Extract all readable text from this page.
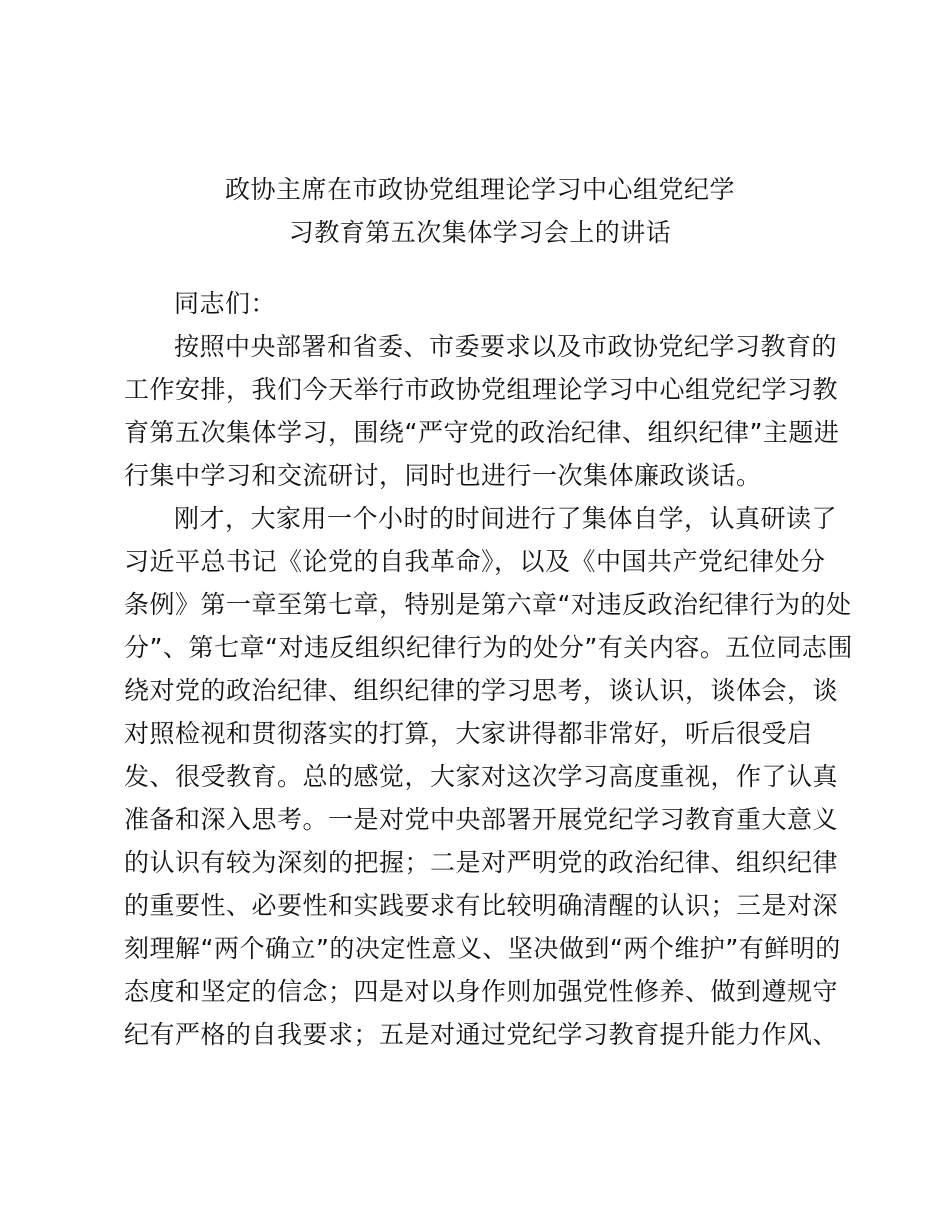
政协主席在市政协党组理论学习中心组党纪学
习教育第五次集体学习会上的讲话
同志们：
按照中央部署和省委、市委要求以及市政协党纪学习教育的
工作安排，我们今天举行市政协党组理论学习中心组党纪学习教
育第五次集体学习，围绕“严守党的政治纪律、组织纪律”主题进
行集中学习和交流研讨，同时也进行一次集体廉政谈话。
刚才，大家用一个小时的时间进行了集体自学，认真研读了
习近平总书记《论党的自我革命》，以及《中国共产党纪律处分
条例》第一章至第七章，特别是第六章“对违反政治纪律行为的处
分”、第七章“对违反组织纪律行为的处分”有关内容。五位同志围
绕对党的政治纪律、组织纪律的学习思考，谈认识，谈体会，谈
对照检视和贯彻落实的打算，大家讲得都非常好，听后很受启
发、很受教育。总的感觉，大家对这次学习高度重视，作了认真
准备和深入思考。一是对党中央部署开展党纪学习教育重大意义
的认识有较为深刻的把握；二是对严明党的政治纪律、组织纪律
的重要性、必要性和实践要求有比较明确清醒的认识；三是对深
刻理解“两个确立”的决定性意义、坚决做到“两个维护”有鲜明的
态度和坚定的信念；四是对以身作则加强党性修养、做到遵规守
纪有严格的自我要求；五是对通过党纪学习教育提升能力作风、
